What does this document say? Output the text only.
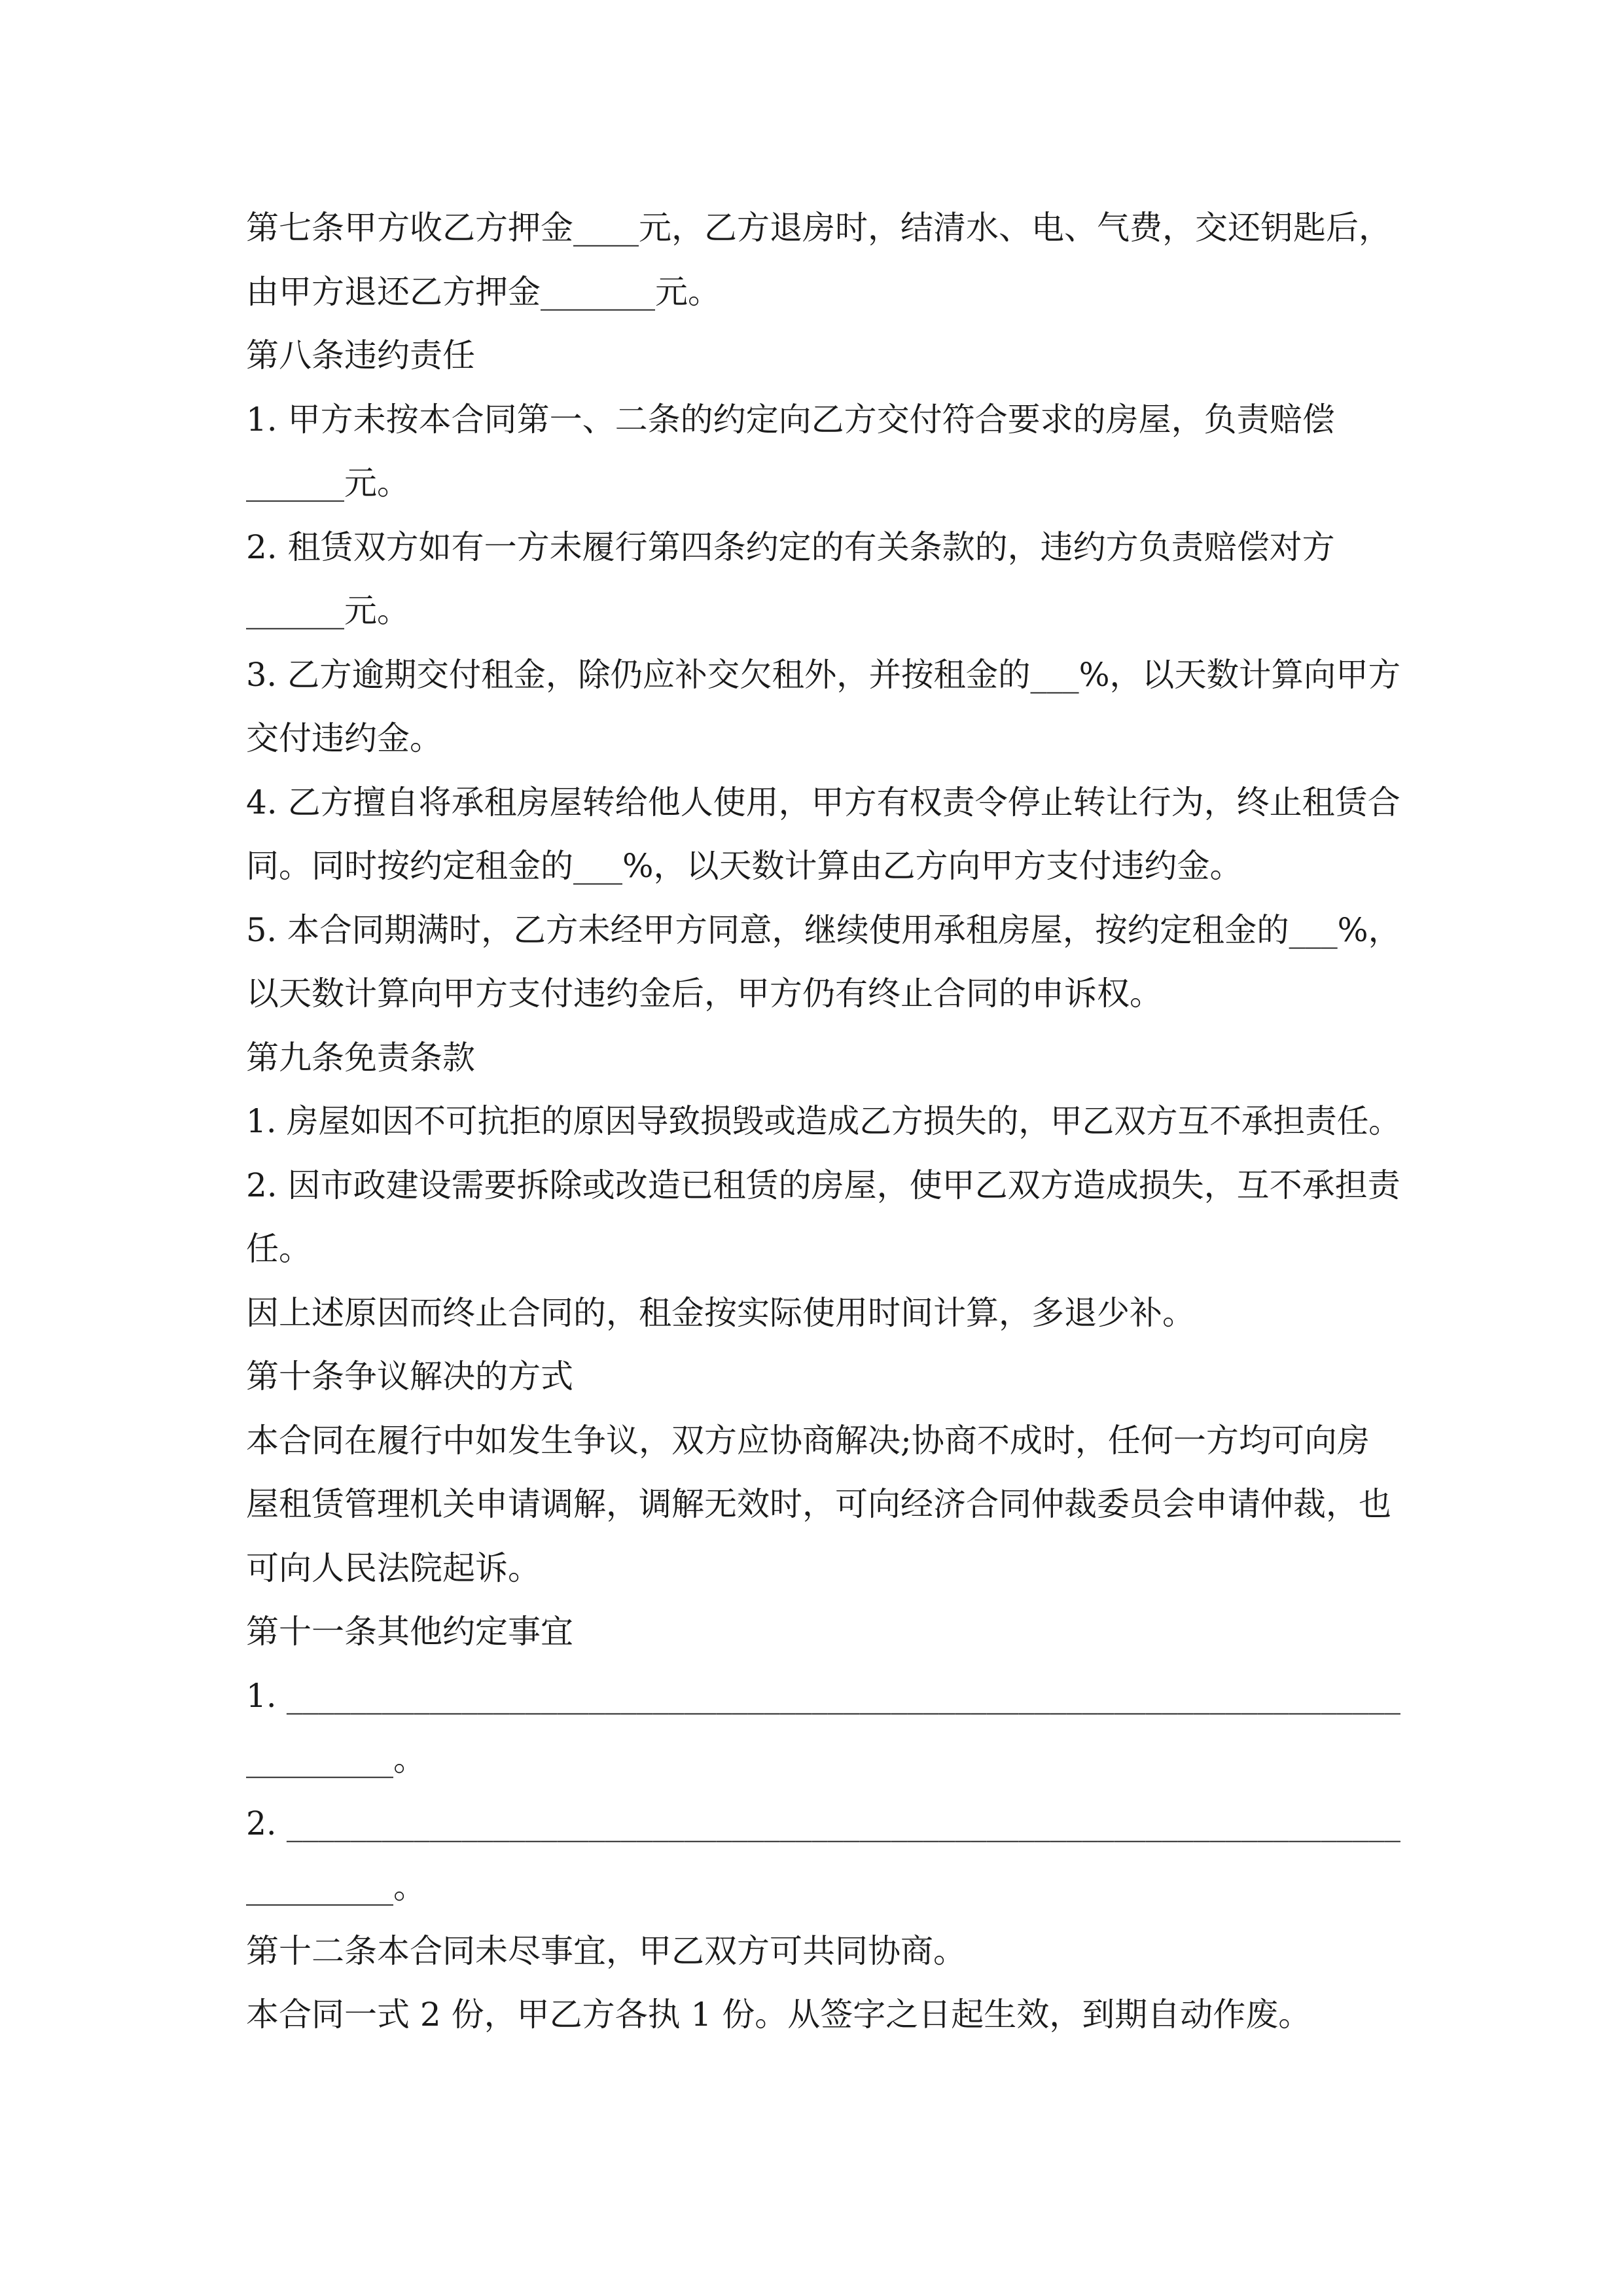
第七条甲方收乙方押金____元，乙方退房时，结清水、电、气费，交还钥匙后，
由甲方退还乙方押金_______元。
第八条违约责任
1. 甲方未按本合同第一、二条的约定向乙方交付符合要求的房屋，负责赔偿
______元。
2. 租赁双方如有一方未履行第四条约定的有关条款的，违约方负责赔偿对方
______元。
3. 乙方逾期交付租金，除仍应补交欠租外，并按租金的___%，以天数计算向甲方
交付违约金。
4. 乙方擅自将承租房屋转给他人使用，甲方有权责令停止转让行为，终止租赁合
同。同时按约定租金的___%，以天数计算由乙方向甲方支付违约金。
5. 本合同期满时，乙方未经甲方同意，继续使用承租房屋，按约定租金的___%，
以天数计算向甲方支付违约金后，甲方仍有终止合同的申诉权。
第九条免责条款
1. 房屋如因不可抗拒的原因导致损毁或造成乙方损失的，甲乙双方互不承担责任。
2. 因市政建设需要拆除或改造已租赁的房屋，使甲乙双方造成损失，互不承担责
任。
因上述原因而终止合同的，租金按实际使用时间计算，多退少补。
第十条争议解决的方式
本合同在履行中如发生争议，双方应协商解决;协商不成时，任何一方均可向房
屋租赁管理机关申请调解，调解无效时，可向经济合同仲裁委员会申请仲裁，也
可向人民法院起诉。
第十一条其他约定事宜
1. ______________________________________________________________________
_________。
2. ______________________________________________________________________
_________。
第十二条本合同未尽事宜，甲乙双方可共同协商。
本合同一式 2 份，甲乙方各执 1 份。从签字之日起生效，到期自动作废。
